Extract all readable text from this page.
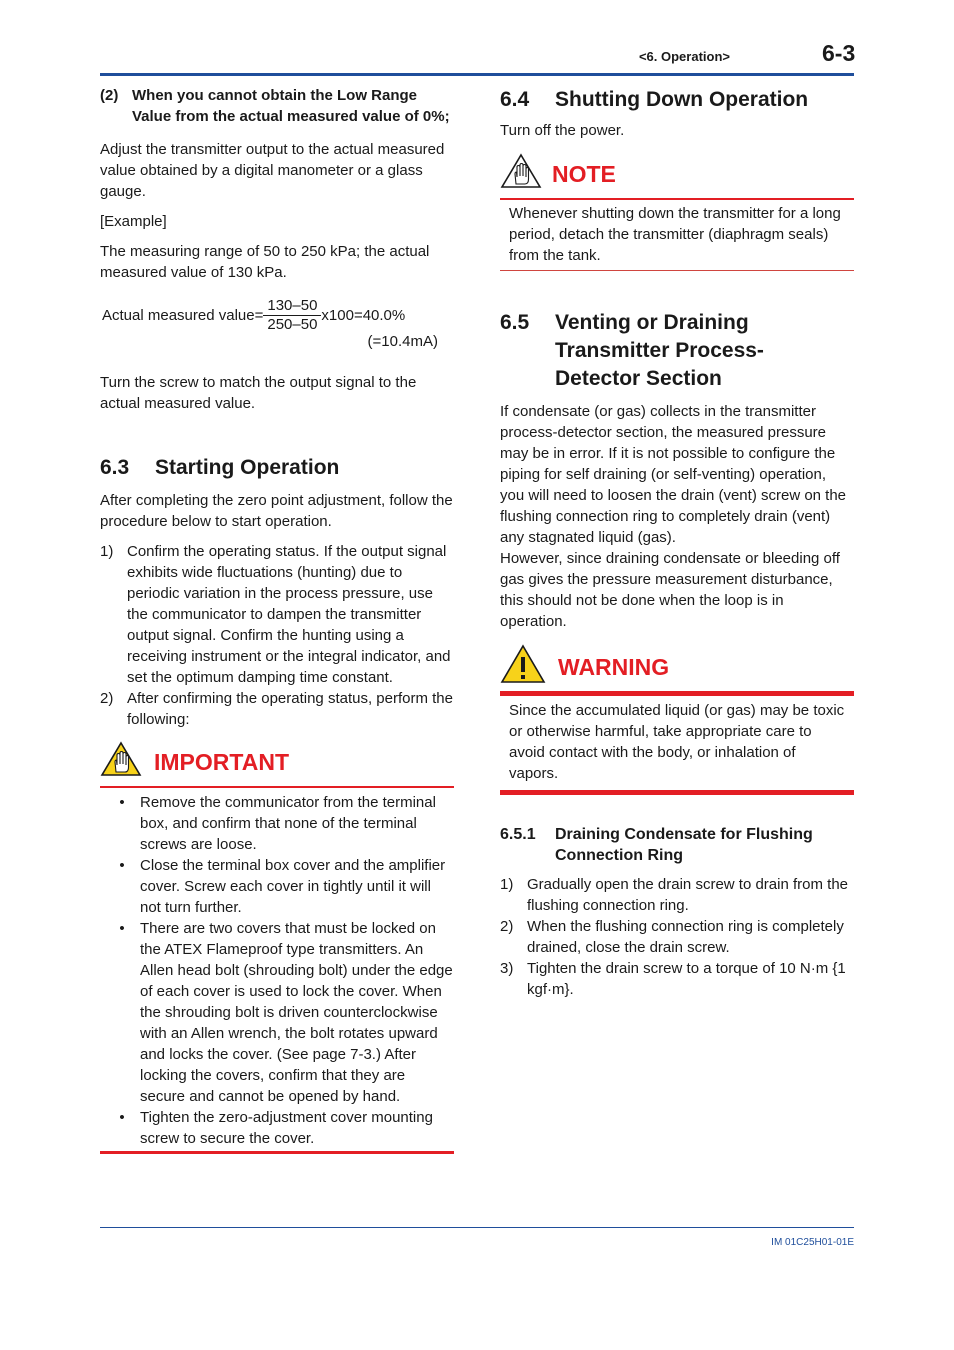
<6. Operation>	6-3
IM 01C25H01-01E
(2) When you cannot obtain the Low Range Value from the actual measured value of 0%;

Adjust the transmitter output to the actual measured value obtained by a digital manometer or a glass gauge.

[Example]

The measuring range of 50 to 250 kPa; the actual measured value of 130 kPa.

Actual measured value= $\frac{130-50}{250-50} x100=40.0\%$
(=10.4mA)

Turn the screw to match the output signal to the actual measured value.

6.3	Starting Operation

After completing the zero point adjustment, follow the procedure below to start operation.

1) Confirm the operating status. If the output signal exhibits wide fluctuations (hunting) due to periodic variation in the process pressure, use the communicator to dampen the transmitter output signal. Confirm the hunting using a receiving instrument or the integral indicator, and set the optimum damping time constant.
2) After confirming the operating status, perform the following:
IMPORTANT
•	Remove the communicator from the terminal box, and confirm that none of the terminal screws are loose.
•	Close the terminal box cover and the amplifier cover. Screw each cover in tightly until it will not turn further.
•	There are two covers that must be locked on the ATEX Flameproof type transmitters. An Allen head bolt (shrouding bolt) under the edge of each cover is used to lock the cover. When the shrouding bolt is driven counterclockwise with an Allen wrench, the bolt rotates upward and locks the cover. (See page 7-3.) After locking the covers, confirm that they are secure and cannot be opened by hand.
•	Tighten the zero-adjustment cover mounting screw to secure the cover.
6.4	Shutting Down Operation

Turn off the power.

NOTE
Whenever shutting down the transmitter for a long period, detach the transmitter (diaphragm seals) from the tank.
6.5	Venting or Draining Transmitter Process-Detector Section

If condensate (or gas) collects in the transmitter process-detector section, the measured pressure may be in error. If it is not possible to configure the piping for self draining (or self-venting) operation, you will need to loosen the drain (vent) screw on the flushing connection ring to completely drain (vent) any stagnated liquid (gas).

However, since draining condensate or bleeding off gas gives the pressure measurement disturbance, this should not be done when the loop is in operation.

WARNING
Since the accumulated liquid (or gas) may be toxic or otherwise harmful, take appropriate care to avoid contact with the body, or inhalation of vapors.
6.5.1	Draining Condensate for Flushing Connection Ring
1) Gradually open the drain screw to drain from the flushing connection ring.
2) When the flushing connection ring is completely drained, close the drain screw.
3) Tighten the drain screw to a torque of 10 N·m {1 kgf·m}.
